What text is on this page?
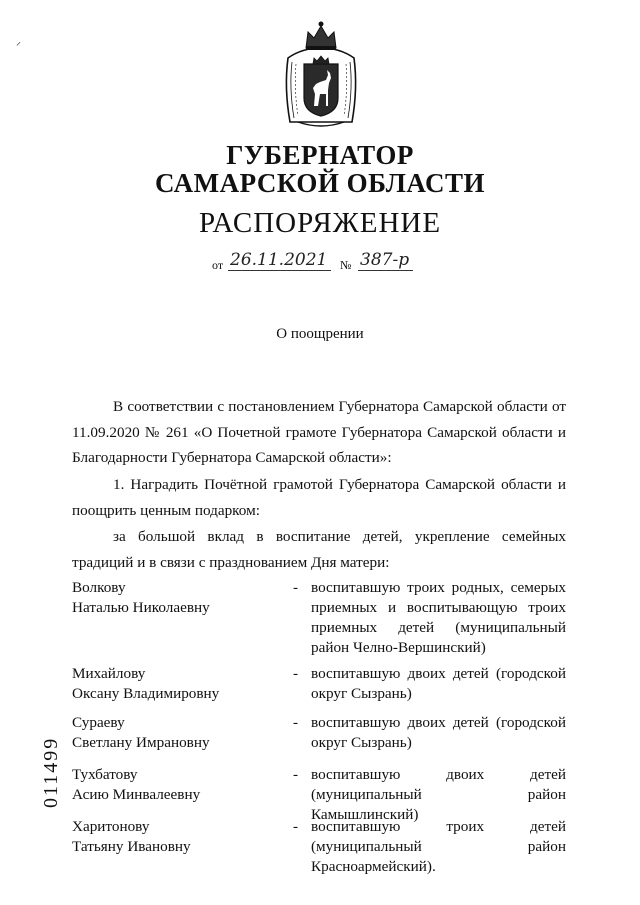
⸍
ГУБЕРНАТОР
САМАРСКОЙ ОБЛАСТИ
РАСПОРЯЖЕНИЕ
от 26.11.2021	№ 387-р
О поощрении
В соответствии с постановлением Губернатора Самарской области от 11.09.2020 № 261 «О Почетной грамоте Губернатора Самарской области и Благодарности Губернатора Самарской области»:
1. Наградить Почётной грамотой Губернатора Самарской области и поощрить ценным подарком:
за большой вклад в воспитание детей, укрепление семейных традиций и в связи с празднованием Дня матери:
Волкову
Наталью Николаевну
- воспитавшую троих родных, семерых приемных и воспитывающую троих приемных детей (муниципальный район Челно-Вершинский)
Михайлову
Оксану Владимировну
- воспитавшую двоих детей (городской округ Сызрань)
Сураеву
Светлану Имрановну
- воспитавшую двоих детей (городской округ Сызрань)
Тухбатову
Асию Минвалеевну
- воспитавшую двоих детей (муниципальный район Камышлинский)
Харитонову
Татьяну Ивановну
- воспитавшую троих детей (муниципальный район Красноармейский).
011499
